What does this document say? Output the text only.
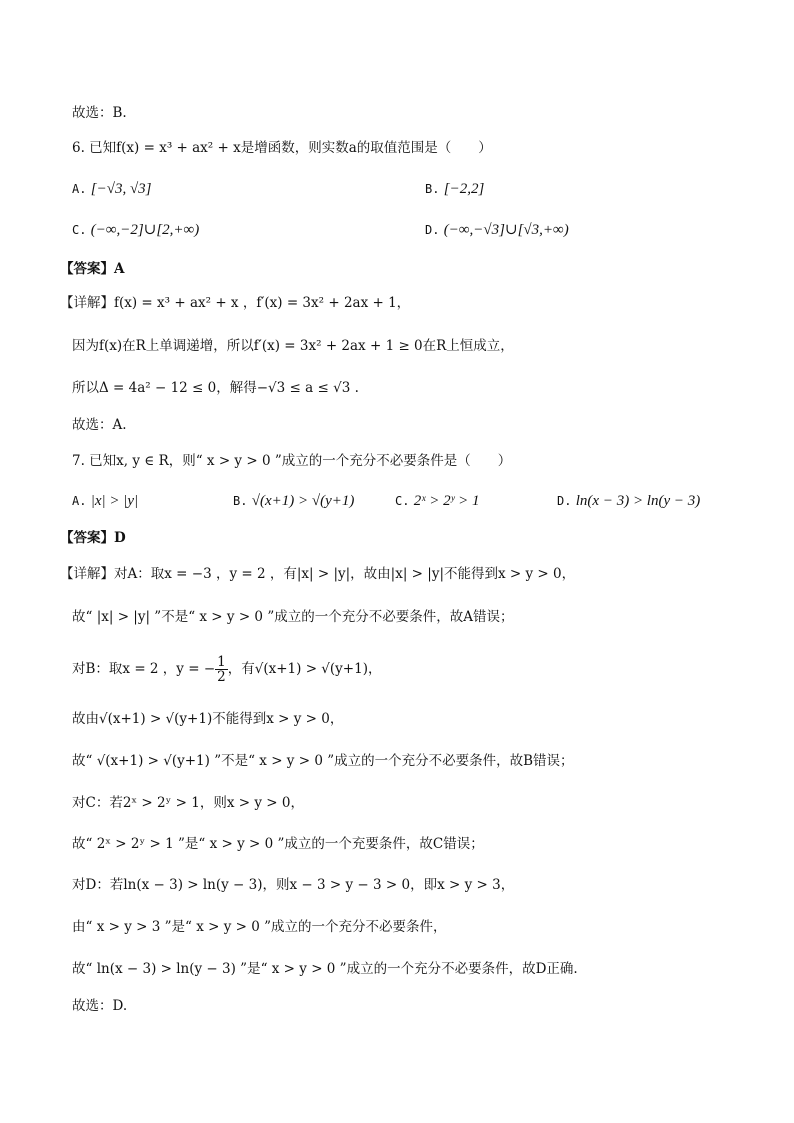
故选：B.
6. 已知f(x) = x³ + ax² + x是增函数，则实数a的取值范围是（　　）
A. [−√3, √3]	B. [−2,2]
C. (−∞,−2]∪[2,+∞)	D. (−∞,−√3]∪[√3,+∞)
【答案】A
【详解】f(x) = x³ + ax² + x ，f′(x) = 3x² + 2ax + 1，
因为f(x)在R上单调递增，所以f′(x) = 3x² + 2ax + 1 ≥ 0在R上恒成立，
所以Δ = 4a² − 12 ≤ 0，解得−√3 ≤ a ≤ √3 .
故选：A.
7. 已知x, y ∈ R，则“ x > y > 0 ”成立的一个充分不必要条件是（　　）
A. |x| > |y|	B. √(x+1) > √(y+1)	C. 2ˣ > 2ʸ > 1	D. ln(x − 3) > ln(y − 3)
【答案】D
【详解】对A：取x = −3 ，y = 2 ，有|x| > |y|，故由|x| > |y|不能得到x > y > 0，
故“ |x| > |y| ”不是“ x > y > 0 ”成立的一个充分不必要条件，故A错误；
对B：取x = 2 ，y = − $\frac{1}{2}$ ，有√(x+1) > √(y+1)，
故由√(x+1) > √(y+1)不能得到x > y > 0，
故“ √(x+1) > √(y+1) ”不是“ x > y > 0 ”成立的一个充分不必要条件，故B错误；
对C：若2ˣ > 2ʸ > 1，则x > y > 0，
故“ 2ˣ > 2ʸ > 1 ”是“ x > y > 0 ”成立的一个充要条件，故C错误；
对D：若ln(x − 3) > ln(y − 3)，则x − 3 > y − 3 > 0，即x > y > 3，
由“ x > y > 3 ”是“ x > y > 0 ”成立的一个充分不必要条件，
故“ ln(x − 3) > ln(y − 3) ”是“ x > y > 0 ”成立的一个充分不必要条件，故D正确.
故选：D.
